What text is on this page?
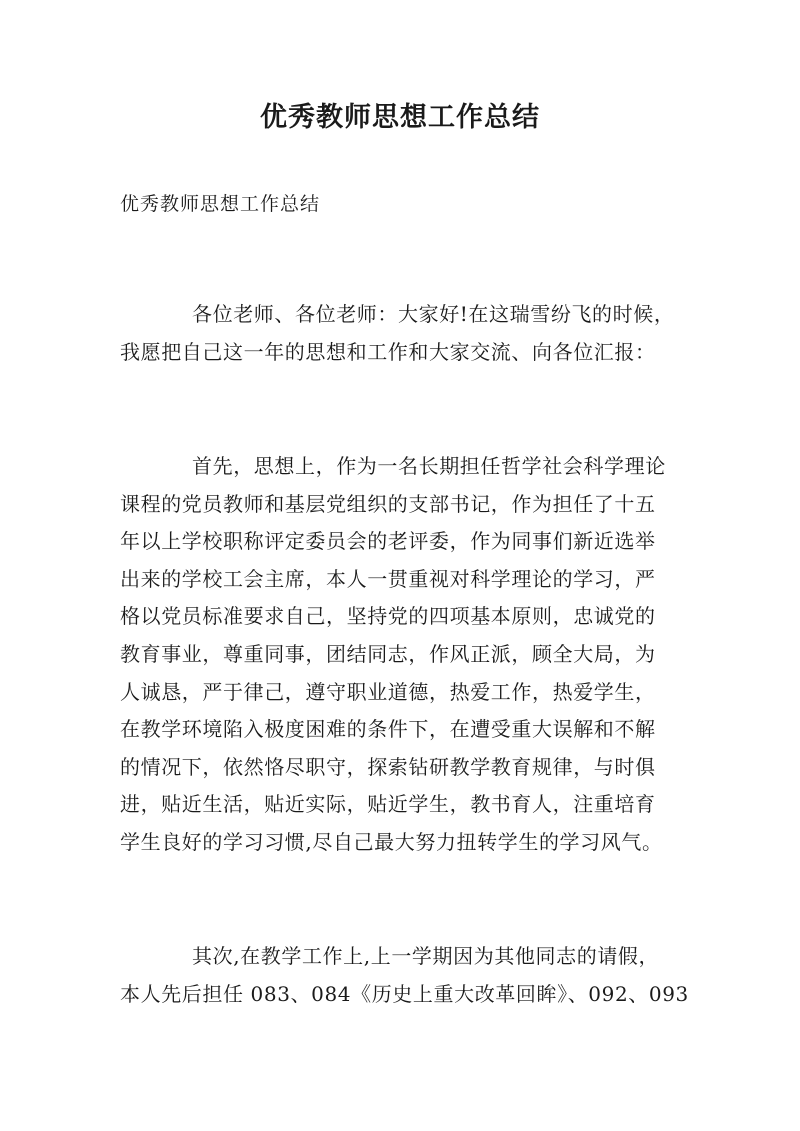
优秀教师思想工作总结

优秀教师思想工作总结

各位老师、各位老师：大家好!在这瑞雪纷飞的时候，
我愿把自己这一年的思想和工作和大家交流、向各位汇报：

首先，思想上，作为一名长期担任哲学社会科学理论
课程的党员教师和基层党组织的支部书记，作为担任了十五
年以上学校职称评定委员会的老评委，作为同事们新近选举
出来的学校工会主席，本人一贯重视对科学理论的学习，严
格以党员标准要求自己，坚持党的四项基本原则，忠诚党的
教育事业，尊重同事，团结同志，作风正派，顾全大局，为
人诚恳，严于律己，遵守职业道德，热爱工作，热爱学生，
在教学环境陷入极度困难的条件下，在遭受重大误解和不解
的情况下，依然恪尽职守，探索钻研教学教育规律，与时俱
进，贴近生活，贴近实际，贴近学生，教书育人，注重培育
学生良好的学习习惯,尽自己最大努力扭转学生的学习风气。

其次,在教学工作上,上一学期因为其他同志的请假，
本人先后担任 083、084《历史上重大改革回眸》、092、093
